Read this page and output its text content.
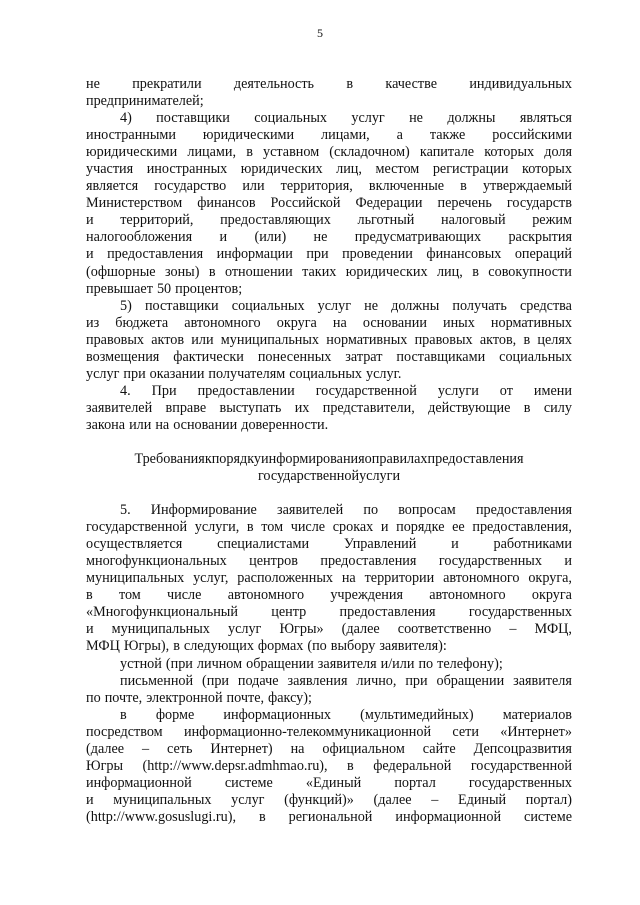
5
не прекратили деятельность в качестве индивидуальных
предпринимателей;
4) поставщики социальных услуг не должны являться
иностранными юридическими лицами, а также российскими
юридическими лицами, в уставном (складочном) капитале которых доля
участия иностранных юридических лиц, местом регистрации которых
является государство или территория, включенные в утверждаемый
Министерством финансов Российской Федерации перечень государств
и территорий, предоставляющих льготный налоговый режим
налогообложения и (или) не предусматривающих раскрытия
и предоставления информации при проведении финансовых операций
(офшорные зоны) в отношении таких юридических лиц, в совокупности
превышает 50 процентов;
5) поставщики социальных услуг не должны получать средства
из бюджета автономного округа на основании иных нормативных
правовых актов или муниципальных нормативных правовых актов, в целях
возмещения фактически понесенных затрат поставщиками социальных
услуг при оказании получателям социальных услуг.
4. При предоставлении государственной услуги от имени
заявителей вправе выступать их представители, действующие в силу
закона или на основании доверенности.
Требования к порядку информирования о правилах предоставления
государственной услуги
5. Информирование заявителей по вопросам предоставления
государственной услуги, в том числе сроках и порядке ее предоставления,
осуществляется специалистами Управлений и работниками
многофункциональных центров предоставления государственных и
муниципальных услуг, расположенных на территории автономного округа,
в том числе автономного учреждения автономного округа
«Многофункциональный центр предоставления государственных
и муниципальных услуг Югры» (далее соответственно – МФЦ,
МФЦ Югры), в следующих формах (по выбору заявителя):
устной (при личном обращении заявителя и/или по телефону);
письменной (при подаче заявления лично, при обращении заявителя
по почте, электронной почте, факсу);
в форме информационных (мультимедийных) материалов
посредством информационно-телекоммуникационной сети «Интернет»
(далее – сеть Интернет) на официальном сайте Депсоцразвития
Югры (http://www.depsr.admhmao.ru), в федеральной государственной
информационной системе «Единый портал государственных
и муниципальных услуг (функций)» (далее – Единый портал)
(http://www.gosuslugi.ru), в региональной информационной системе
